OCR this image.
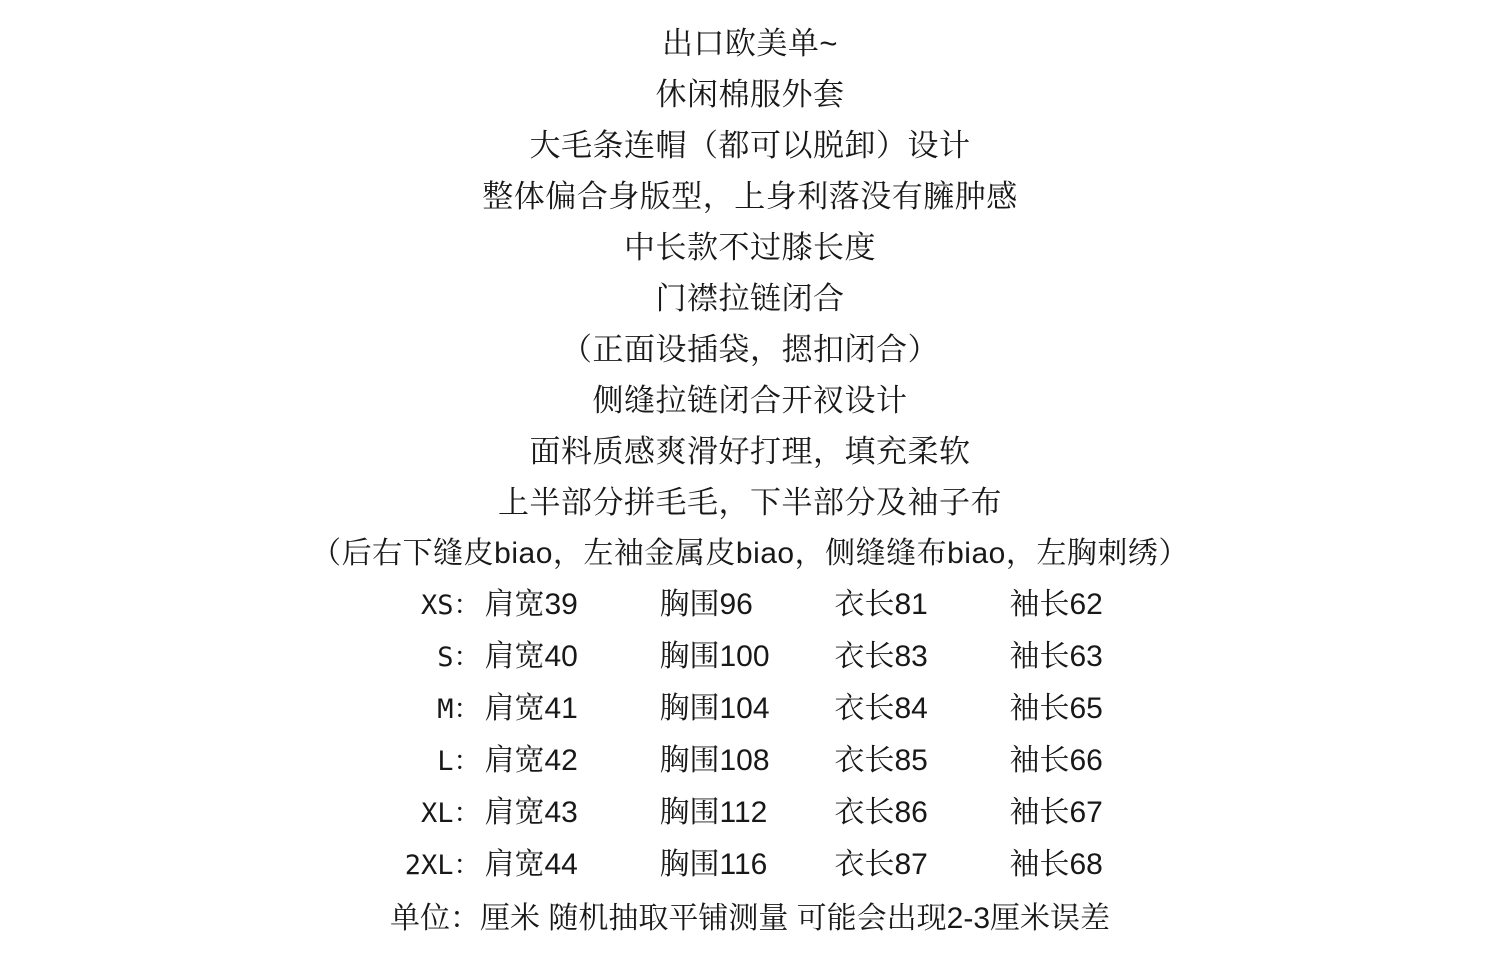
出口欧美单~
休闲棉服外套
大毛条连帽（都可以脱卸）设计
整体偏合身版型，上身利落没有臃肿感
中长款不过膝长度
门襟拉链闭合
（正面设插袋，摁扣闭合）
侧缝拉链闭合开衩设计
面料质感爽滑好打理，填充柔软
上半部分拼毛毛，下半部分及袖子布
（后右下缝皮biao，左袖金属皮biao，侧缝缝布biao，左胸刺绣）
XS： 肩宽39	胸围96	衣长81	袖长62
S： 肩宽40	胸围100	衣长83	袖长63
M： 肩宽41	胸围104	衣长84	袖长65
L： 肩宽42	胸围108	衣长85	袖长66
XL： 肩宽43	胸围112	衣长86	袖长67
2XL： 肩宽44	胸围116	衣长87	袖长68
单位：厘米 随机抽取平铺测量 可能会出现2-3厘米误差
